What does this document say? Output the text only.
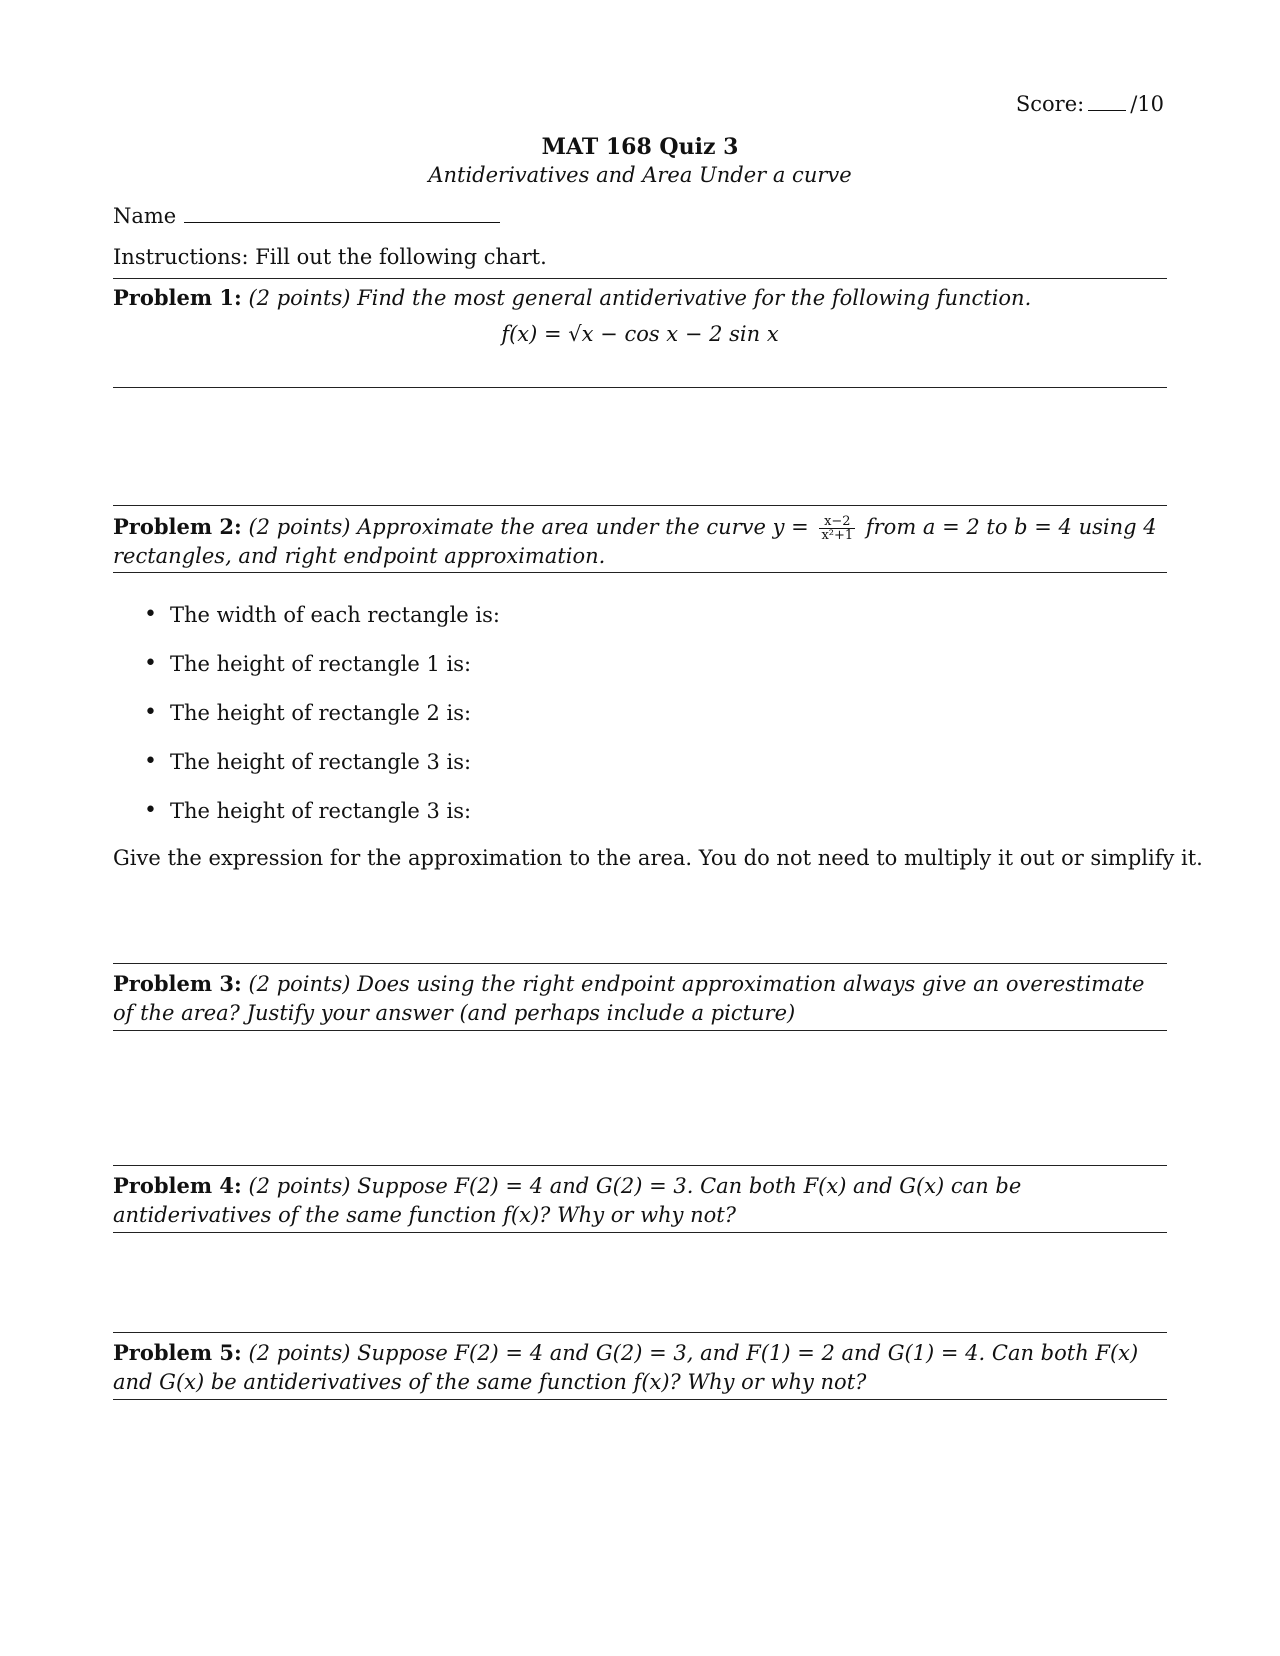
Score: /10
MAT 168 Quiz 3
Antiderivatives and Area Under a curve
Name
Instructions: Fill out the following chart.
Problem 1: (2 points) Find the most general antiderivative for the following function.
f(x) = √x − cos x − 2 sin x
Problem 2: (2 points) Approximate the area under the curve $y = \frac{x-2}{\text{x²+1}}$ from a = 2 to b = 4 using 4 rectangles, and right endpoint approximation.
• The width of each rectangle is:
• The height of rectangle 1 is:
• The height of rectangle 2 is:
• The height of rectangle 3 is:
• The height of rectangle 3 is:
Give the expression for the approximation to the area. You do not need to multiply it out or simplify it.
Problem 3: (2 points) Does using the right endpoint approximation always give an overestimate of the area? Justify your answer (and perhaps include a picture)
Problem 4: (2 points) Suppose F(2) = 4 and G(2) = 3. Can both F(x) and G(x) can be antiderivatives of the same function f(x)? Why or why not?
Problem 5: (2 points) Suppose F(2) = 4 and G(2) = 3, and F(1) = 2 and G(1) = 4. Can both F(x) and G(x) be antiderivatives of the same function f(x)? Why or why not?
